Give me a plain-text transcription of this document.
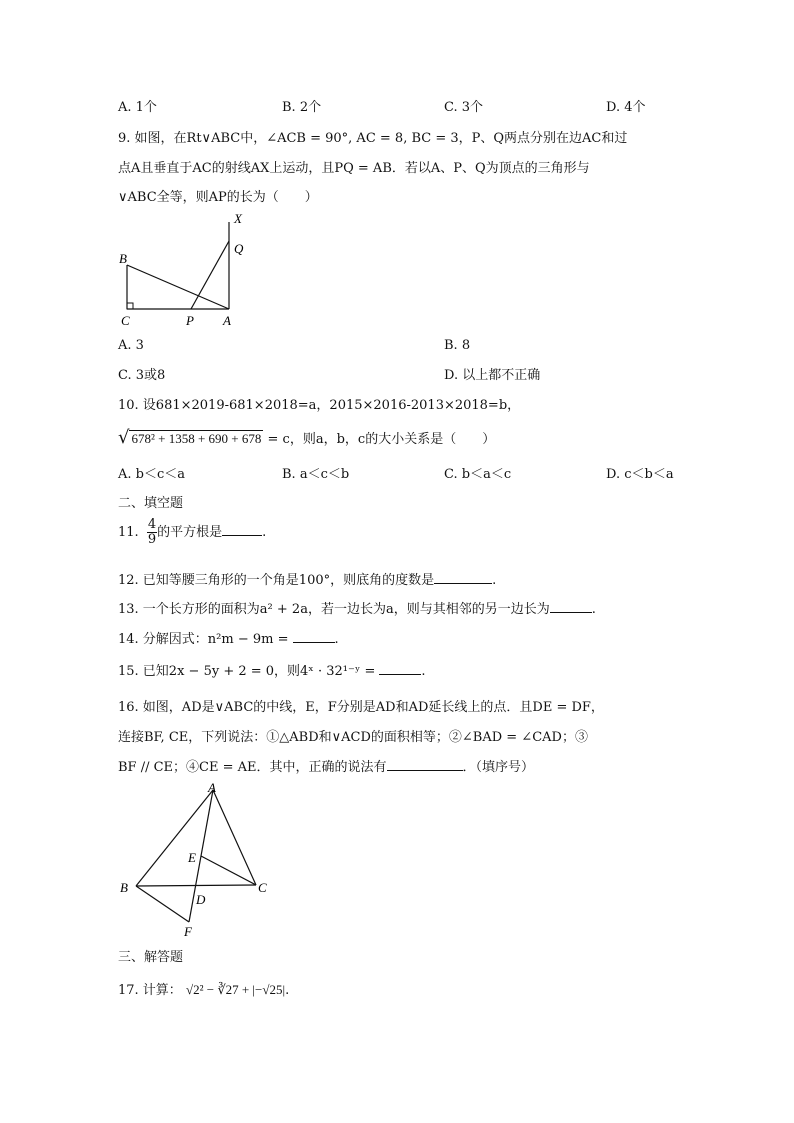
A. 1个	B. 2个	C. 3个	D. 4个
9. 如图，在Rt∨ABC中，∠ACB = 90°, AC = 8, BC = 3，P、Q两点分别在边AC和过
点A且垂直于AC的射线AX上运动，且PQ = AB．若以A、P、Q为顶点的三角形与
∨ABC全等，则AP的长为（　　）
X
Q
B
C	P A
A. 3	B. 8
C. 3或8	D. 以上都不正确
10. 设681×2019-681×2018=a，2015×2016-2013×2018=b，
√ 678² + 1358 + 690 + 678 = c，则a，b，c的大小关系是（　　）
A. b＜c＜a	B. a＜c＜b	C. b＜a＜c	D. c＜b＜a
二、填空题
11. $\frac{4}{9}$ 的平方根是	.
12. 已知等腰三角形的一个角是100°，则底角的度数是	.
13. 一个长方形的面积为a² + 2a，若一边长为a，则与其相邻的另一边长为	.
14. 分解因式：n²m − 9m =	.
15. 已知2x − 5y + 2 = 0，则4ˣ · 32¹⁻ʸ =	.
16. 如图，AD是∨ABC的中线，E，F分别是AD和AD延长线上的点．且DE = DF，
连接BF, CE，下列说法：①△ABD和∨ACD的面积相等；②∠BAD = ∠CAD；③
BF // CE；④CE = AE．其中，正确的说法有	．（填序号）
A
E
B
D
C
F
三、解答题
17. 计算： √2² − ∛27 + |−√25|.
